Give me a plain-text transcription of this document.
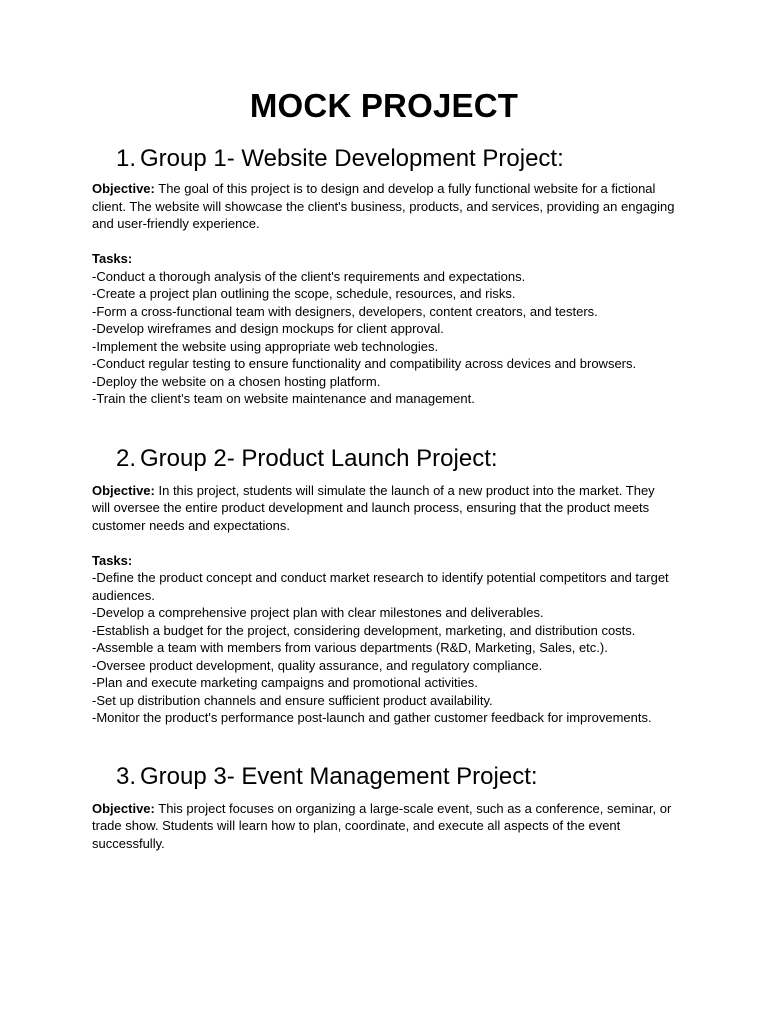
MOCK PROJECT
1. Group 1- Website Development Project:

Objective: The goal of this project is to design and develop a fully functional website for a fictional client. The website will showcase the client's business, products, and services, providing an engaging and user-friendly experience.

Tasks:

-Conduct a thorough analysis of the client's requirements and expectations.
-Create a project plan outlining the scope, schedule, resources, and risks.
-Form a cross-functional team with designers, developers, content creators, and testers.
-Develop wireframes and design mockups for client approval.
-Implement the website using appropriate web technologies.
-Conduct regular testing to ensure functionality and compatibility across devices and browsers.
-Deploy the website on a chosen hosting platform.
-Train the client's team on website maintenance and management.
2. Group 2- Product Launch Project:

Objective: In this project, students will simulate the launch of a new product into the market. They will oversee the entire product development and launch process, ensuring that the product meets customer needs and expectations.

Tasks:

-Define the product concept and conduct market research to identify potential competitors and target audiences.
-Develop a comprehensive project plan with clear milestones and deliverables.
-Establish a budget for the project, considering development, marketing, and distribution costs.
-Assemble a team with members from various departments (R&D, Marketing, Sales, etc.).
-Oversee product development, quality assurance, and regulatory compliance.
-Plan and execute marketing campaigns and promotional activities.
-Set up distribution channels and ensure sufficient product availability.
-Monitor the product's performance post-launch and gather customer feedback for improvements.
3. Group 3- Event Management Project:

Objective: This project focuses on organizing a large-scale event, such as a conference, seminar, or trade show. Students will learn how to plan, coordinate, and execute all aspects of the event successfully.
